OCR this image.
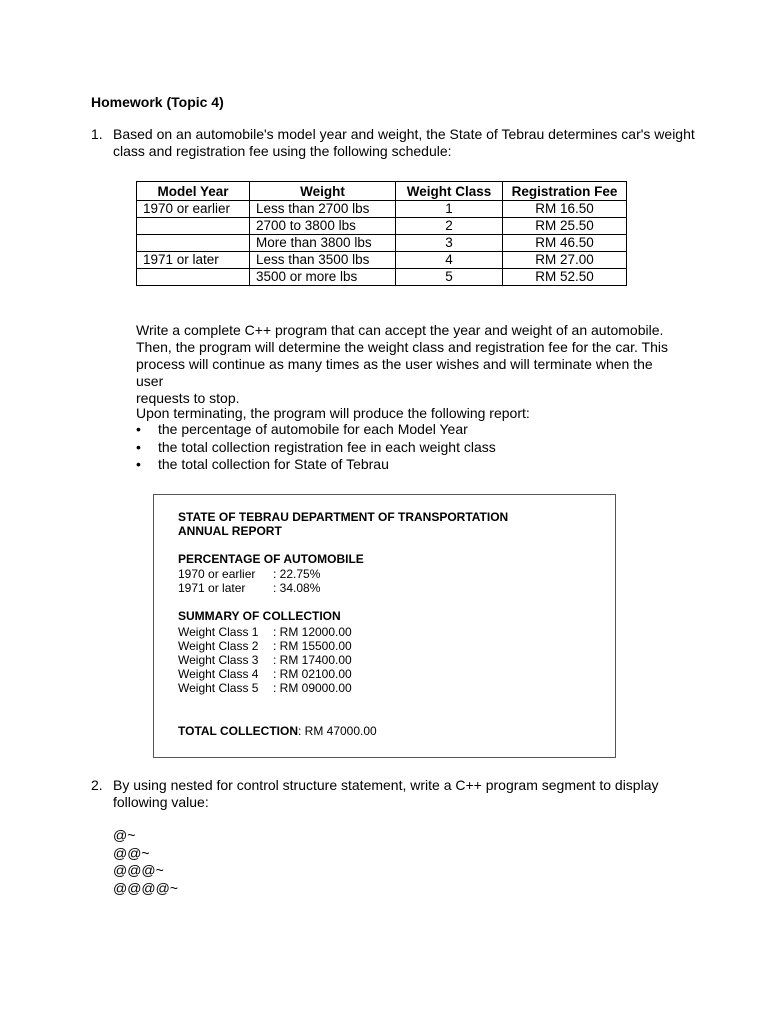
Homework (Topic 4)
1. Based on an automobile's model year and weight, the State of Tebrau determines car's weight
class and registration fee using the following schedule:
Model Year	Weight	Weight Class	Registration Fee
1970 or earlier	Less than 2700 lbs	1	RM 16.50
	2700 to 3800 lbs	2	RM 25.50
	More than 3800 lbs	3	RM 46.50
1971 or later	Less than 3500 lbs	4	RM 27.00
	3500 or more lbs	5	RM 52.50
Write a complete C++ program that can accept the year and weight of an automobile.
Then, the program will determine the weight class and registration fee for the car. This
process will continue as many times as the user wishes and will terminate when the user
requests to stop.
Upon terminating, the program will produce the following report:
• the percentage of automobile for each Model Year
• the total collection registration fee in each weight class
• the total collection for State of Tebrau
STATE OF TEBRAU DEPARTMENT OF TRANSPORTATION
ANNUAL REPORT
PERCENTAGE OF AUTOMOBILE
1970 or earlier : 22.75%
1971 or later : 34.08%
SUMMARY OF COLLECTION
Weight Class 1 : RM 12000.00
Weight Class 2 : RM 15500.00
Weight Class 3 : RM 17400.00
Weight Class 4 : RM 02100.00
Weight Class 5 : RM 09000.00
TOTAL COLLECTION: RM 47000.00
2. By using nested for control structure statement, write a C++ program segment to display
following value:
@~
@@~
@@@~
@@@@~
